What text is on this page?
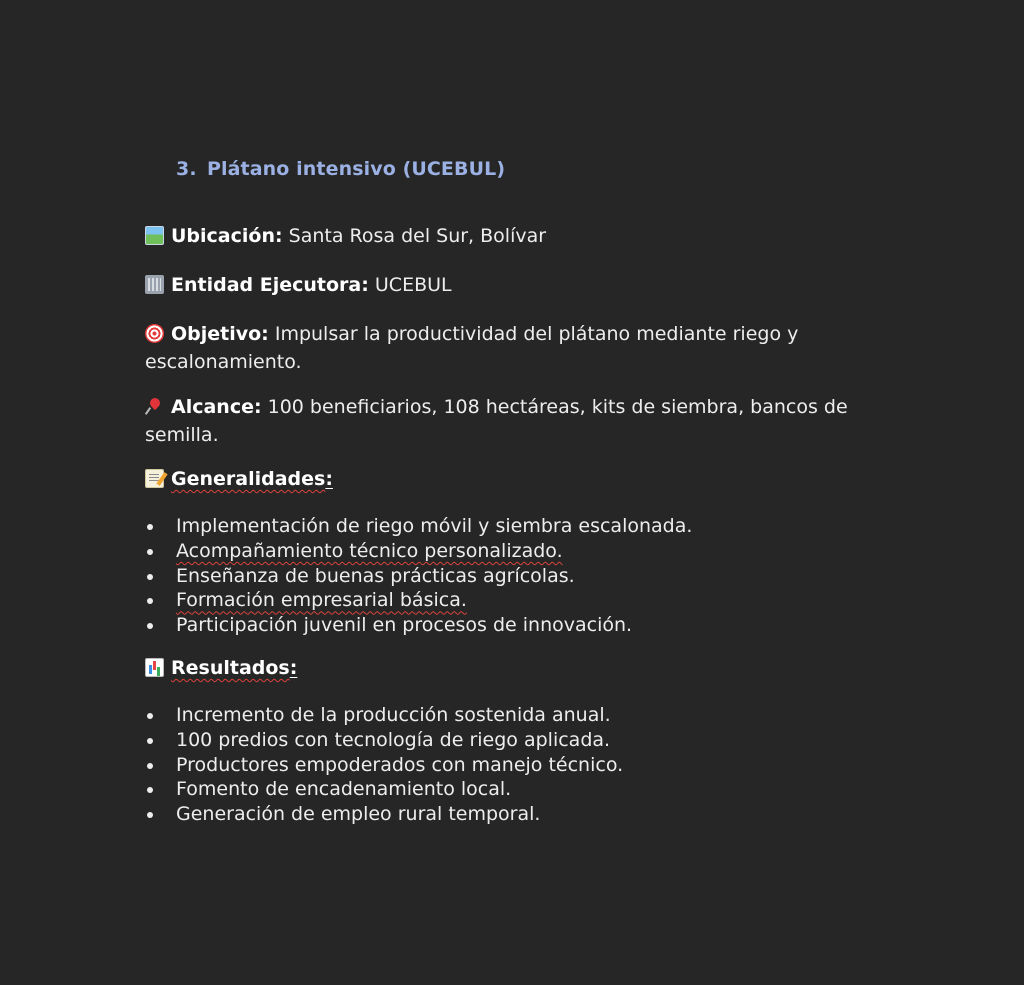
3. Plátano intensivo (UCEBUL)
Ubicación: Santa Rosa del Sur, Bolívar
Entidad Ejecutora: UCEBUL
Objetivo: Impulsar la productividad del plátano mediante riego y escalonamiento.
Alcance: 100 beneficiarios, 108 hectáreas, kits de siembra, bancos de semilla.
Generalidades:
Implementación de riego móvil y siembra escalonada.
Acompañamiento técnico personalizado.
Enseñanza de buenas prácticas agrícolas.
Formación empresarial básica.
Participación juvenil en procesos de innovación.
Resultados:
Incremento de la producción sostenida anual.
100 predios con tecnología de riego aplicada.
Productores empoderados con manejo técnico.
Fomento de encadenamiento local.
Generación de empleo rural temporal.
